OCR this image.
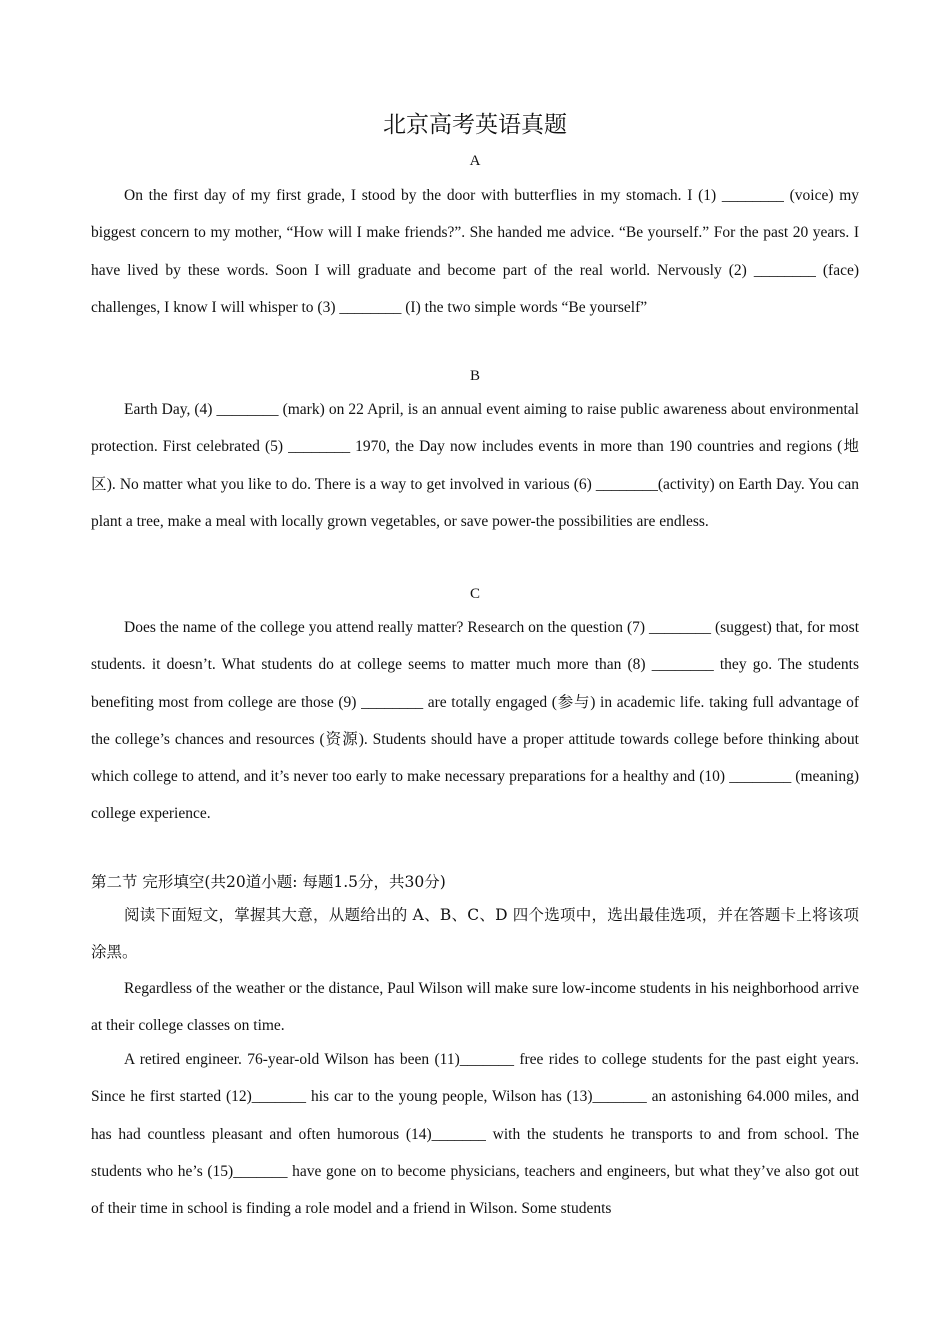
北京高考英语真题
A

On the first day of my first grade, I stood by the door with butterflies in my stomach. I (1) ________ (voice) my biggest concern to my mother, “How will I make friends?”. She handed me advice. “Be yourself.” For the past 20 years. I have lived by these words. Soon I will graduate and become part of the real world. Nervously (2) ________ (face) challenges, I know I will whisper to (3) ________ (I) the two simple words “Be yourself”

B

Earth Day, (4) ________ (mark) on 22 April, is an annual event aiming to raise public awareness about environmental protection. First celebrated (5) ________ 1970, the Day now includes events in more than 190 countries and regions (地区). No matter what you like to do. There is a way to get involved in various (6) ________(activity) on Earth Day. You can plant a tree, make a meal with locally grown vegetables, or save power-the possibilities are endless.

C

Does the name of the college you attend really matter? Research on the question (7) ________ (suggest) that, for most students. it doesn’t. What students do at college seems to matter much more than (8) ________ they go. The students benefiting most from college are those (9) ________ are totally engaged (参与) in academic life. taking full advantage of the college’s chances and resources (资源). Students should have a proper attitude towards college before thinking about which college to attend, and it’s never too early to make necessary preparations for a healthy and (10) ________ (meaning) college experience.

第二节 完形填空(共20道小题: 每题1.5分，共30分)

阅读下面短文，掌握其大意，从题给出的 A、B、C、D 四个选项中，选出最佳选项，并在答题卡上将该项涂黑。

Regardless of the weather or the distance, Paul Wilson will make sure low-income students in his neighborhood arrive at their college classes on time.

A retired engineer. 76-year-old Wilson has been (11)_______ free rides to college students for the past eight years. Since he first started (12)_______ his car to the young people, Wilson has (13)_______ an astonishing 64.000 miles, and has had countless pleasant and often humorous (14)_______ with the students he transports to and from school. The students who he’s (15)_______ have gone on to become physicians, teachers and engineers, but what they’ve also got out of their time in school is finding a role model and a friend in Wilson. Some students
